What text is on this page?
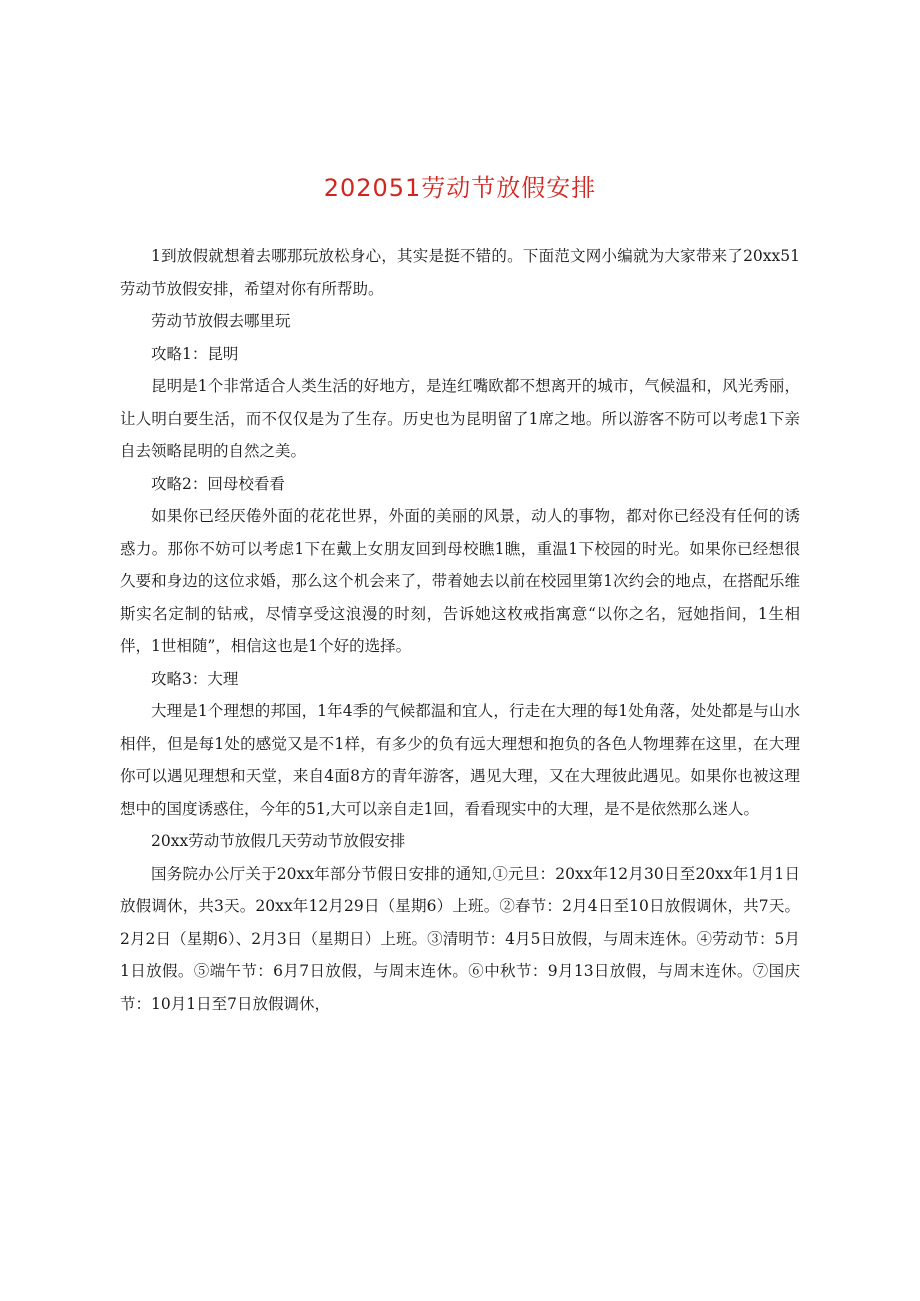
202051劳动节放假安排

1到放假就想着去哪那玩放松身心，其实是挺不错的。下面范文网小编就为大家带来了20xx51劳动节放假安排，希望对你有所帮助。

劳动节放假去哪里玩

攻略1：昆明

昆明是1个非常适合人类生活的好地方，是连红嘴欧都不想离开的城市，气候温和，风光秀丽，让人明白要生活，而不仅仅是为了生存。历史也为昆明留了1席之地。所以游客不防可以考虑1下亲自去领略昆明的自然之美。

攻略2：回母校看看

如果你已经厌倦外面的花花世界，外面的美丽的风景，动人的事物，都对你已经没有任何的诱惑力。那你不妨可以考虑1下在戴上女朋友回到母校瞧1瞧，重温1下校园的时光。如果你已经想很久要和身边的这位求婚，那么这个机会来了，带着她去以前在校园里第1次约会的地点，在搭配乐维斯实名定制的钻戒，尽情享受这浪漫的时刻，告诉她这枚戒指寓意“以你之名，冠她指间，1生相伴，1世相随”，相信这也是1个好的选择。

攻略3：大理

大理是1个理想的邦国，1年4季的气候都温和宜人，行走在大理的每1处角落，处处都是与山水相伴，但是每1处的感觉又是不1样，有多少的负有远大理想和抱负的各色人物埋葬在这里，在大理你可以遇见理想和天堂，来自4面8方的青年游客，遇见大理，又在大理彼此遇见。如果你也被这理想中的国度诱惑住，今年的51,大可以亲自走1回，看看现实中的大理，是不是依然那么迷人。

20xx劳动节放假几天劳动节放假安排

国务院办公厅关于20xx年部分节假日安排的通知,①元旦：20xx年12月30日至20xx年1月1日放假调休，共3天。20xx年12月29日（星期6）上班。②春节：2月4日至10日放假调休，共7天。2月2日（星期6）、2月3日（星期日）上班。③清明节：4月5日放假，与周末连休。④劳动节：5月1日放假。⑤端午节：6月7日放假，与周末连休。⑥中秋节：9月13日放假，与周末连休。⑦国庆节：10月1日至7日放假调休，
